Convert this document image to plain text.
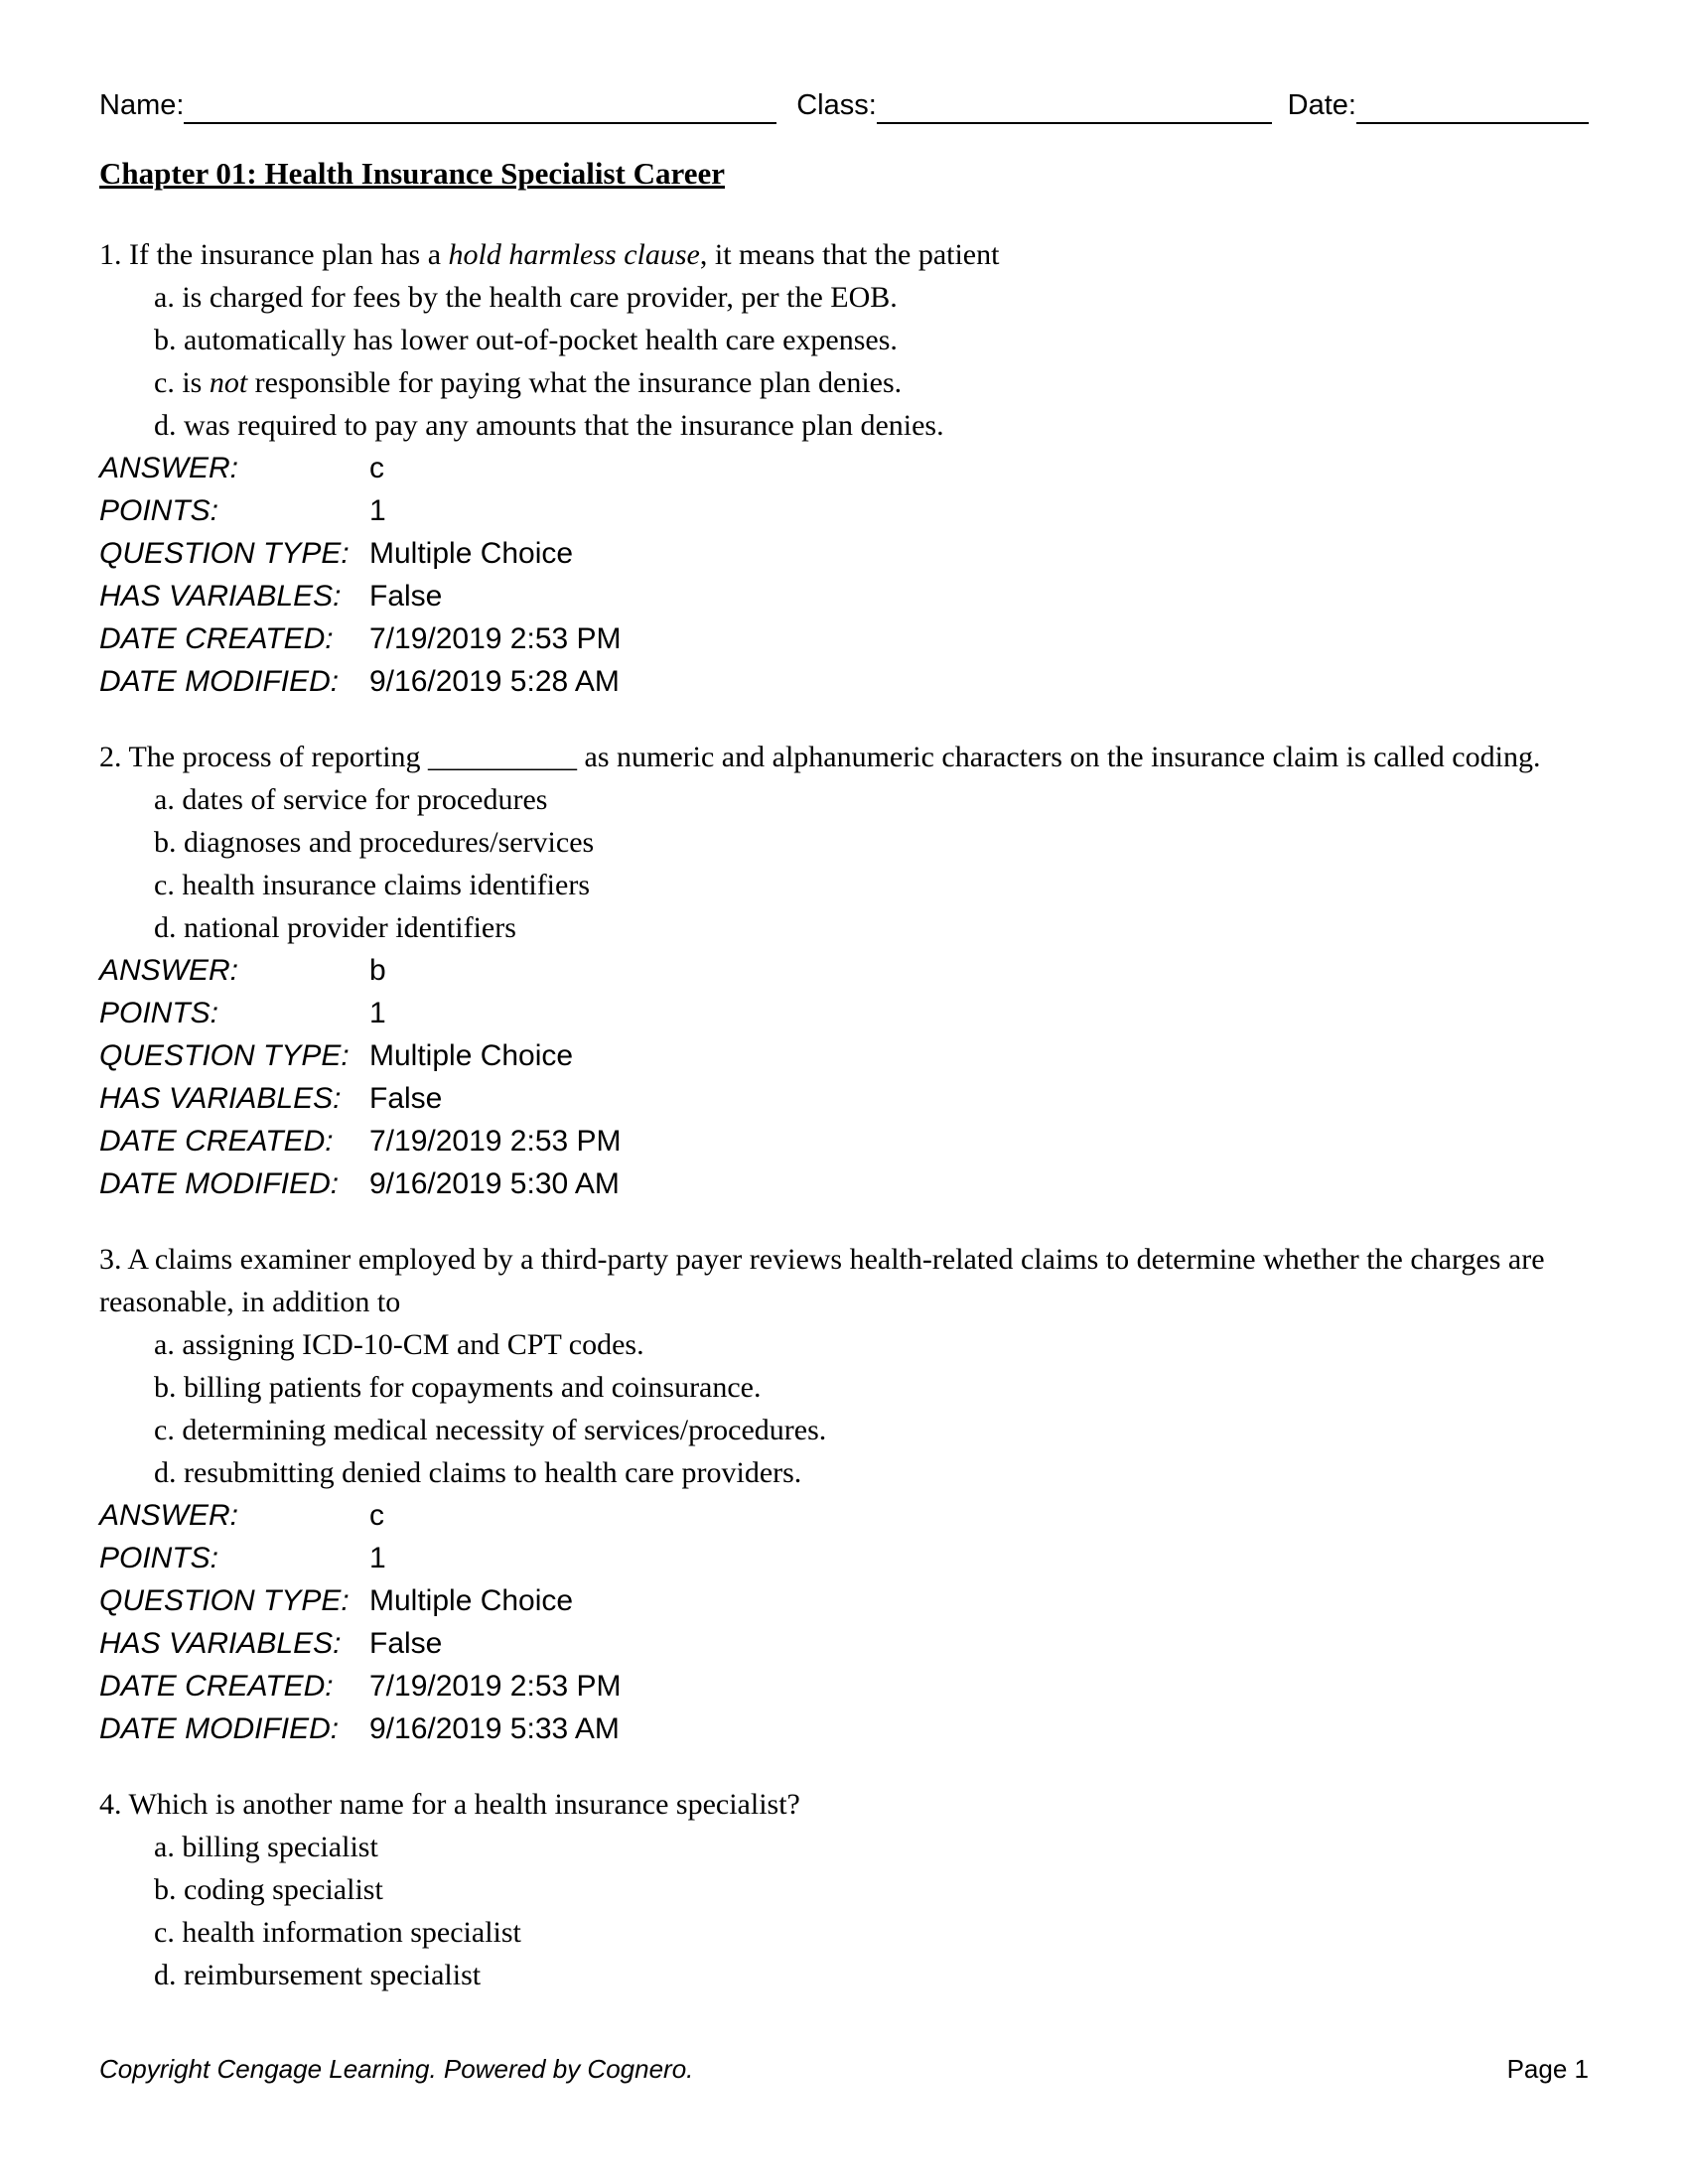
Name:	Class:	Date:
Chapter 01: Health Insurance Specialist Career
1. If the insurance plan has a hold harmless clause, it means that the patient
a. is charged for fees by the health care provider, per the EOB.
b. automatically has lower out-of-pocket health care expenses.
c. is not responsible for paying what the insurance plan denies.
d. was required to pay any amounts that the insurance plan denies.
ANSWER:	c
POINTS:	1
QUESTION TYPE: Multiple Choice
HAS VARIABLES: False
DATE CREATED:	7/19/2019 2:53 PM
DATE MODIFIED:	9/16/2019 5:28 AM
2. The process of reporting __________ as numeric and alphanumeric characters on the insurance claim is called coding.
a. dates of service for procedures
b. diagnoses and procedures/services
c. health insurance claims identifiers
d. national provider identifiers
ANSWER:	b
POINTS:	1
QUESTION TYPE: Multiple Choice
HAS VARIABLES: False
DATE CREATED:	7/19/2019 2:53 PM
DATE MODIFIED:	9/16/2019 5:30 AM
3. A claims examiner employed by a third-party payer reviews health-related claims to determine whether the charges are reasonable, in addition to
a. assigning ICD-10-CM and CPT codes.
b. billing patients for copayments and coinsurance.
c. determining medical necessity of services/procedures.
d. resubmitting denied claims to health care providers.
ANSWER:	c
POINTS:	1
QUESTION TYPE: Multiple Choice
HAS VARIABLES: False
DATE CREATED:	7/19/2019 2:53 PM
DATE MODIFIED:	9/16/2019 5:33 AM
4. Which is another name for a health insurance specialist?
a. billing specialist
b. coding specialist
c. health information specialist
d. reimbursement specialist
Copyright Cengage Learning. Powered by Cognero.	Page 1
